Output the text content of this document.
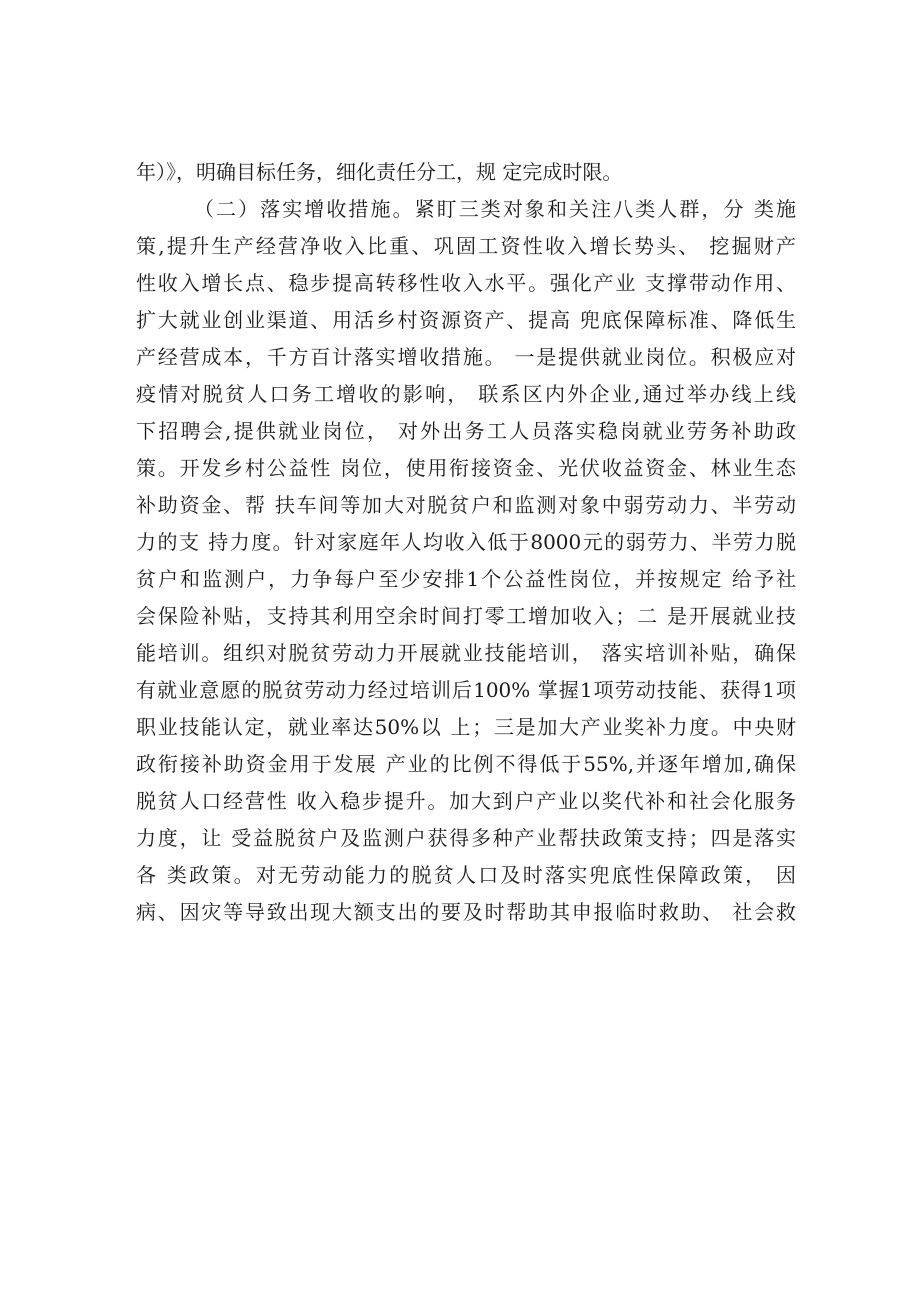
年）》，明确目标任务，细化责任分工，规 定完成时限。
（二）落实增收措施。紧盯三类对象和关注八类人群，分 类施
策,提升生产经营净收入比重、巩固工资性收入增长势头、 挖掘财产
性收入增长点、稳步提高转移性收入水平。强化产业 支撑带动作用、
扩大就业创业渠道、用活乡村资源资产、提高 兜底保障标准、降低生
产经营成本，千方百计落实增收措施。 一是提供就业岗位。积极应对
疫情对脱贫人口务工增收的影响， 联系区内外企业,通过举办线上线
下招聘会,提供就业岗位， 对外出务工人员落实稳岗就业劳务补助政
策。开发乡村公益性 岗位，使用衔接资金、光伏收益资金、林业生态
补助资金、帮 扶车间等加大对脱贫户和监测对象中弱劳动力、半劳动
力的支 持力度。针对家庭年人均收入低于8000元的弱劳力、半劳力脱
贫户和监测户，力争每户至少安排1个公益性岗位，并按规定 给予社
会保险补贴，支持其利用空余时间打零工增加收入；二 是开展就业技
能培训。组织对脱贫劳动力开展就业技能培训， 落实培训补贴，确保
有就业意愿的脱贫劳动力经过培训后100% 掌握1项劳动技能、获得1项
职业技能认定，就业率达50%以 上；三是加大产业奖补力度。中央财
政衔接补助资金用于发展 产业的比例不得低于55%,并逐年增加,确保
脱贫人口经营性 收入稳步提升。加大到户产业以奖代补和社会化服务
力度，让 受益脱贫户及监测户获得多种产业帮扶政策支持；四是落实
各 类政策。对无劳动能力的脱贫人口及时落实兜底性保障政策， 因
病、因灾等导致出现大额支出的要及时帮助其申报临时救助、 社会救
